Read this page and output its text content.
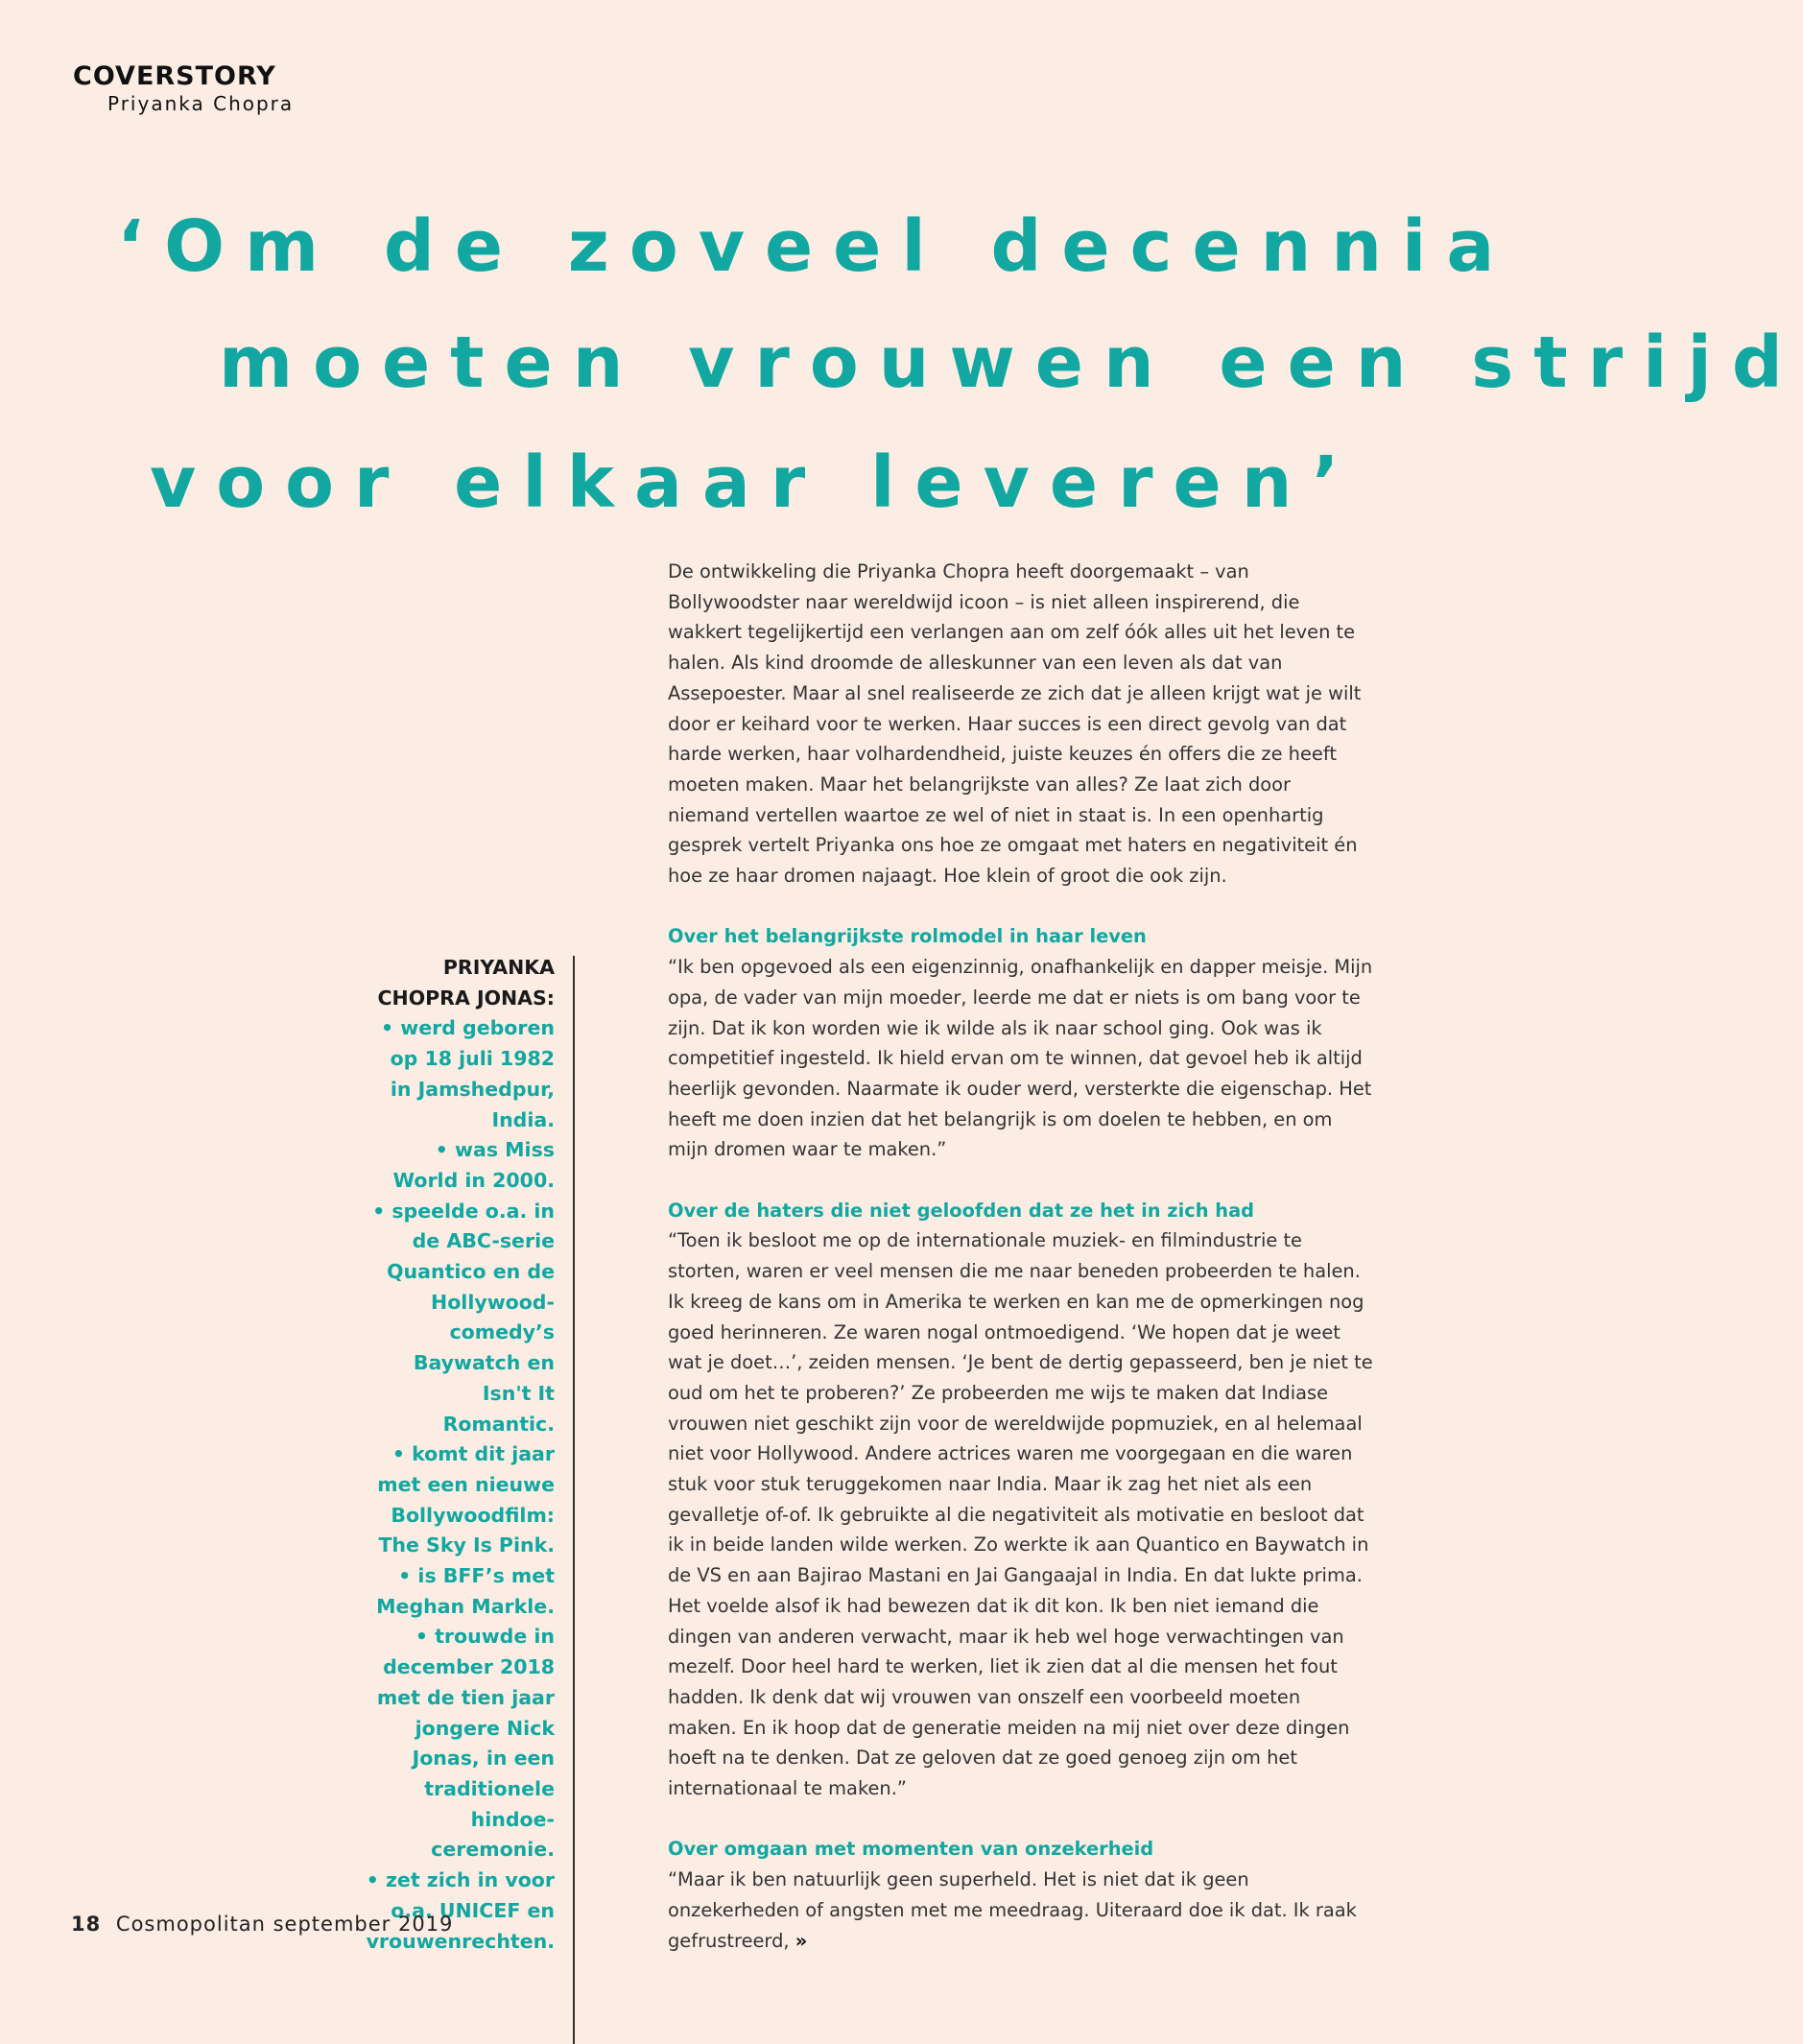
COVERSTORY
Priyanka Chopra
‘Om de zoveel decennia
moeten vrouwen een strijd
voor elkaar leveren’

PRIYANKA

CHOPRA JONAS:

• werd geboren op 18 juli 1982 in Jamshedpur, India.

• was Miss World in 2000.

• speelde o.a. in de ABC-serie Quantico en de Hollywood-comedy’s Baywatch en Isn't It Romantic.

• komt dit jaar met een nieuwe Bollywoodfilm: The Sky Is Pink.

• is BFF’s met Meghan Markle.

• trouwde in december 2018 met de tien jaar jongere Nick Jonas, in een traditionele hindoe-ceremonie.

• zet zich in voor o.a. UNICEF en vrouwenrechten.

De ontwikkeling die Priyanka Chopra heeft doorgemaakt – van Bollywoodster naar wereldwijd icoon – is niet alleen inspirerend, die wakkert tegelijkertijd een verlangen aan om zelf óók alles uit het leven te halen. Als kind droomde de alleskunner van een leven als dat van Assepoester. Maar al snel realiseerde ze zich dat je alleen krijgt wat je wilt door er keihard voor te werken. Haar succes is een direct gevolg van dat harde werken, haar volhardendheid, juiste keuzes én offers die ze heeft moeten maken. Maar het belangrijkste van alles? Ze laat zich door niemand vertellen waartoe ze wel of niet in staat is. In een openhartig gesprek vertelt Priyanka ons hoe ze omgaat met haters en negativiteit én hoe ze haar dromen najaagt. Hoe klein of groot die ook zijn.

Over het belangrijkste rolmodel in haar leven

“Ik ben opgevoed als een eigenzinnig, onafhankelijk en dapper meisje. Mijn opa, de vader van mijn moeder, leerde me dat er niets is om bang voor te zijn. Dat ik kon worden wie ik wilde als ik naar school ging. Ook was ik competitief ingesteld. Ik hield ervan om te winnen, dat gevoel heb ik altijd heerlijk gevonden. Naarmate ik ouder werd, versterkte die eigenschap. Het heeft me doen inzien dat het belangrijk is om doelen te hebben, en om mijn dromen waar te maken.”

Over de haters die niet geloofden dat ze het in zich had

“Toen ik besloot me op de internationale muziek- en filmindustrie te storten, waren er veel mensen die me naar beneden probeerden te halen. Ik kreeg de kans om in Amerika te werken en kan me de opmerkingen nog goed herinneren. Ze waren nogal ontmoedigend. ‘We hopen dat je weet wat je doet…’, zeiden mensen. ‘Je bent de dertig gepasseerd, ben je niet te oud om het te proberen?’ Ze probeerden me wijs te maken dat Indiase vrouwen niet geschikt zijn voor de wereldwijde popmuziek, en al helemaal niet voor Hollywood. Andere actrices waren me voorgegaan en die waren stuk voor stuk teruggekomen naar India. Maar ik zag het niet als een gevalletje of-of. Ik gebruikte al die negativiteit als motivatie en besloot dat ik in beide landen wilde werken. Zo werkte ik aan Quantico en Baywatch in de VS en aan Bajirao Mastani en Jai Gangaajal in India. En dat lukte prima. Het voelde alsof ik had bewezen dat ik dit kon. Ik ben niet iemand die dingen van anderen verwacht, maar ik heb wel hoge verwachtingen van mezelf. Door heel hard te werken, liet ik zien dat al die mensen het fout hadden. Ik denk dat wij vrouwen van onszelf een voorbeeld moeten maken. En ik hoop dat de generatie meiden na mij niet over deze dingen hoeft na te denken. Dat ze geloven dat ze goed genoeg zijn om het internationaal te maken.”

Over omgaan met momenten van onzekerheid

“Maar ik ben natuurlijk geen superheld. Het is niet dat ik geen onzekerheden of angsten met me meedraag. Uiteraard doe ik dat. Ik raak gefrustreerd, »

18 Cosmopolitan september 2019
